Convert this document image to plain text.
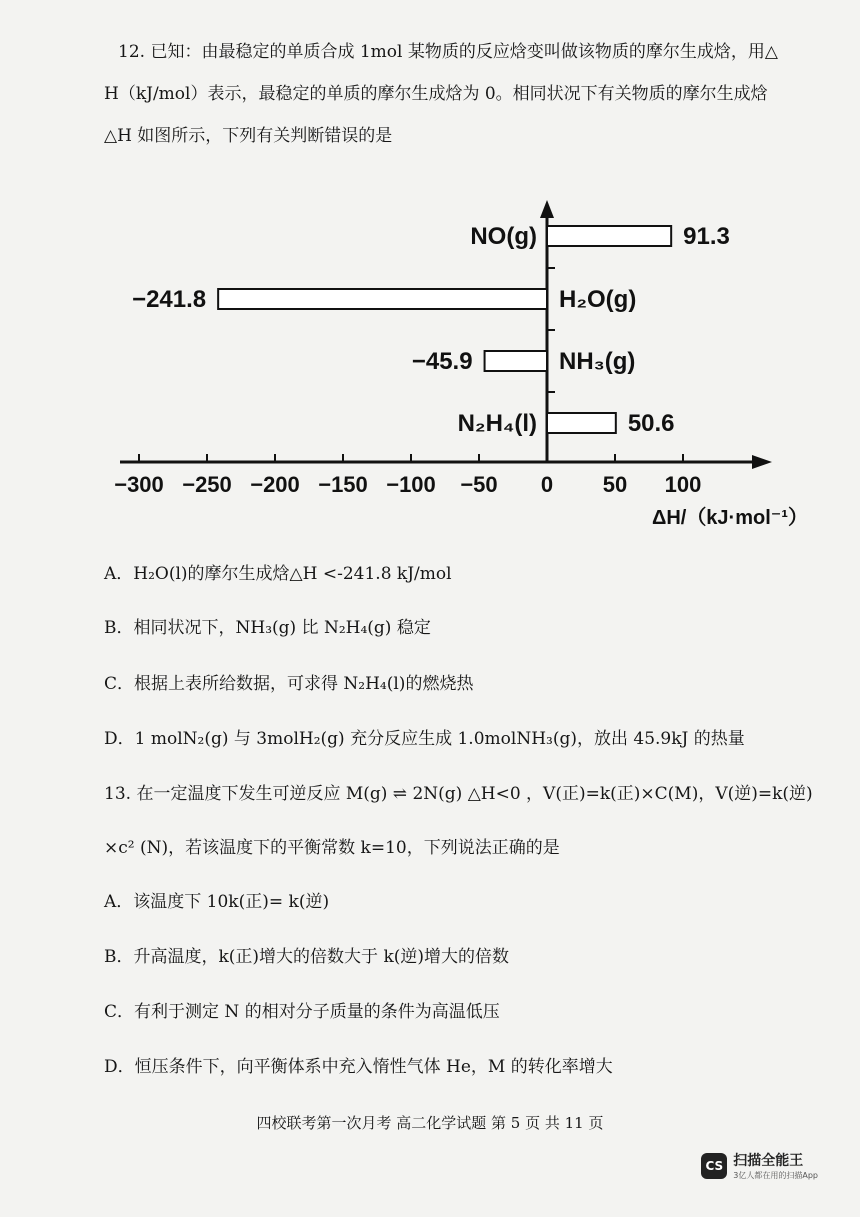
12. 已知：由最稳定的单质合成 1mol 某物质的反应焓变叫做该物质的摩尔生成焓，用△
H（kJ/mol）表示，最稳定的单质的摩尔生成焓为 0。相同状况下有关物质的摩尔生成焓
△H 如图所示，下列有关判断错误的是
−300 −250 −200 −150 −100 −50 0 50 100
ΔH/（kJ·mol⁻¹）
91.3
NO(g)
−241.8	H₂O(g)
−45.9	NH₃(g)
50.6
N₂H₄(l)
A．H₂O(l)的摩尔生成焓△H <-241.8 kJ/mol
B．相同状况下，NH₃(g) 比 N₂H₄(g) 稳定
C．根据上表所给数据，可求得 N₂H₄(l)的燃烧热
D．1 molN₂(g) 与 3molH₂(g) 充分反应生成 1.0molNH₃(g)，放出 45.9kJ 的热量
13. 在一定温度下发生可逆反应 M(g) ⇌ 2N(g) △H<0 ，V(正)=k(正)×C(M)，V(逆)=k(逆)
×c² (N)，若该温度下的平衡常数 k=10，下列说法正确的是
A．该温度下 10k(正)= k(逆)
B．升高温度，k(正)增大的倍数大于 k(逆)增大的倍数
C．有利于测定 N 的相对分子质量的条件为高温低压
D．恒压条件下，向平衡体系中充入惰性气体 He，M 的转化率增大
四校联考第一次月考 高二化学试题 第 5 页 共 11 页
CS 扫描全能王
3亿人都在用的扫描App
